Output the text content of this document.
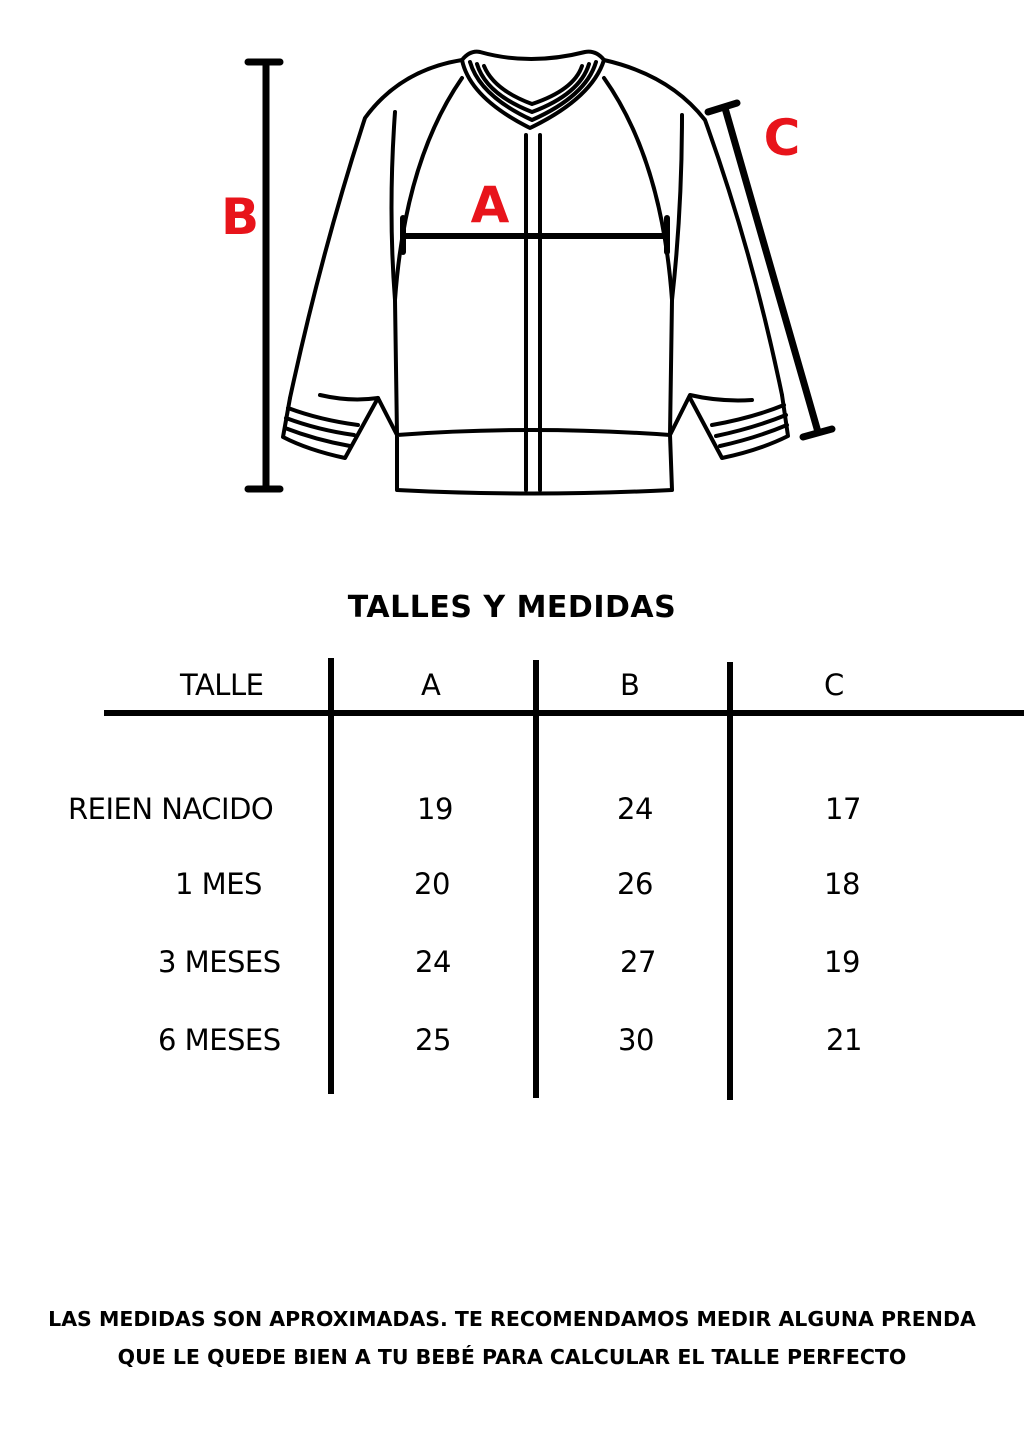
A
B
C
TALLES Y MEDIDAS
TALLE	A	B	C
REIEN NACIDO	19	24	17
1 MES	20	26	18
3 MESES	24	27	19
6 MESES	25	30	21
LAS MEDIDAS SON APROXIMADAS. TE RECOMENDAMOS MEDIR ALGUNA PRENDA
QUE LE QUEDE BIEN A TU BEBÉ PARA CALCULAR EL TALLE PERFECTO
